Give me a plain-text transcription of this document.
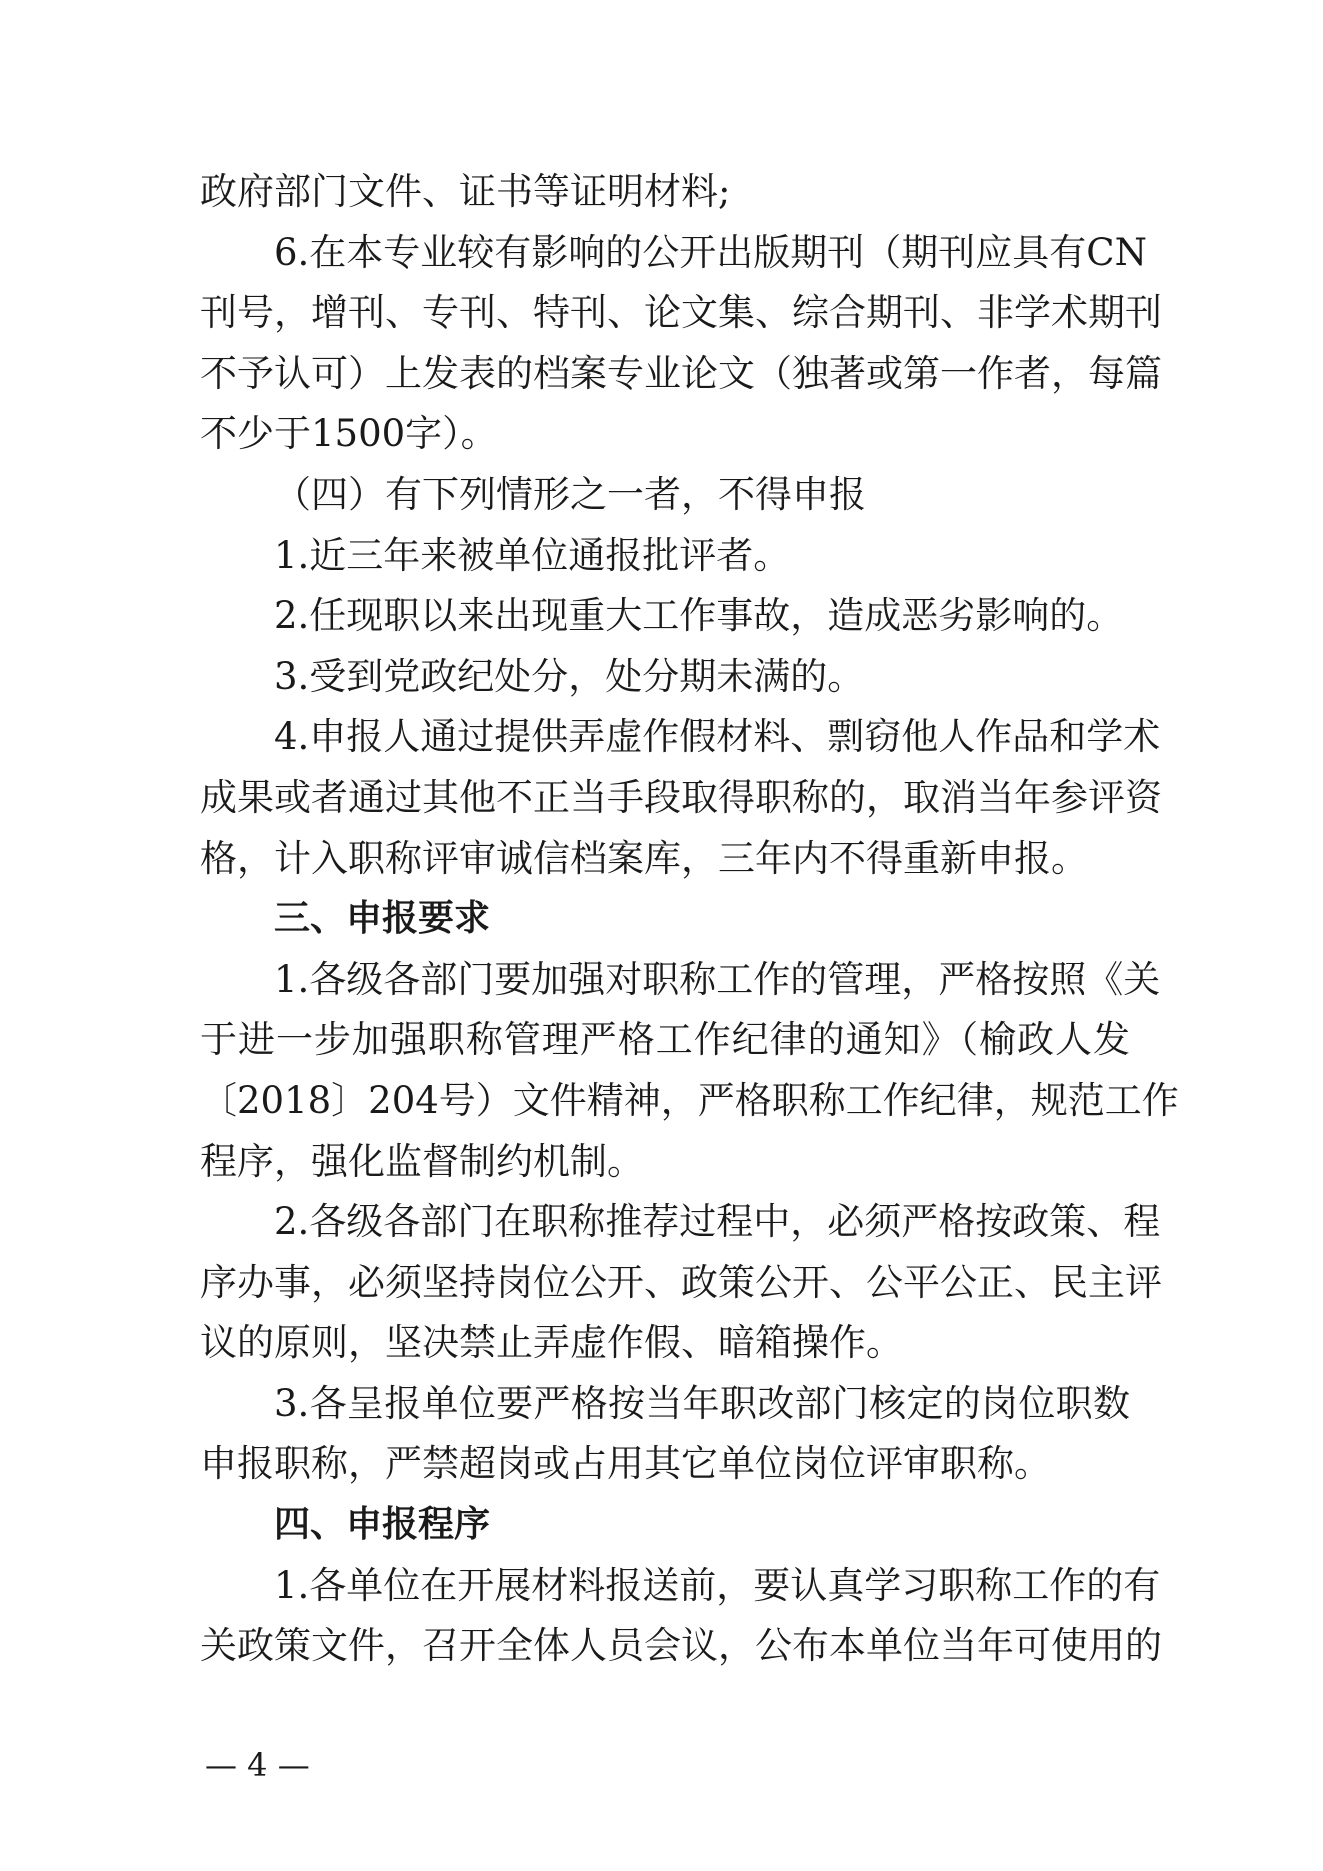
政府部门文件、证书等证明材料;
6.在本专业较有影响的公开出版期刊（期刊应具有CN
刊号，增刊、专刊、特刊、论文集、综合期刊、非学术期刊
不予认可）上发表的档案专业论文（独著或第一作者，每篇
不少于1500字）。
（四）有下列情形之一者，不得申报
1.近三年来被单位通报批评者。
2.任现职以来出现重大工作事故，造成恶劣影响的。
3.受到党政纪处分，处分期未满的。
4.申报人通过提供弄虚作假材料、剽窃他人作品和学术
成果或者通过其他不正当手段取得职称的，取消当年参评资
格，计入职称评审诚信档案库，三年内不得重新申报。
三、申报要求
1.各级各部门要加强对职称工作的管理，严格按照《关
于进一步加强职称管理严格工作纪律的通知》（榆政人发
〔2018〕204号）文件精神，严格职称工作纪律，规范工作
程序，强化监督制约机制。
2.各级各部门在职称推荐过程中，必须严格按政策、程
序办事，必须坚持岗位公开、政策公开、公平公正、民主评
议的原则，坚决禁止弄虚作假、暗箱操作。
3.各呈报单位要严格按当年职改部门核定的岗位职数
申报职称，严禁超岗或占用其它单位岗位评审职称。
四、申报程序
1.各单位在开展材料报送前，要认真学习职称工作的有
关政策文件，召开全体人员会议，公布本单位当年可使用的
— 4 —
